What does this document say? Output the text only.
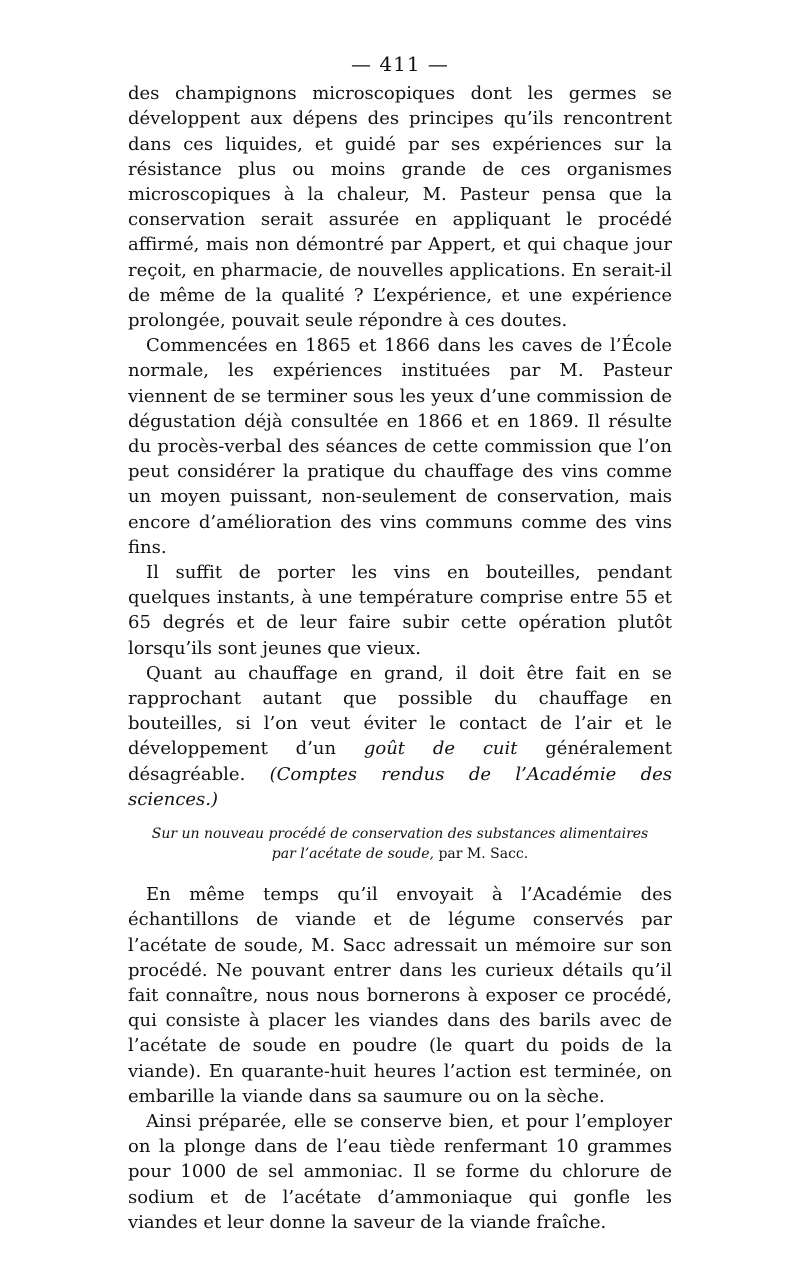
— 411 —

des champignons microscopiques dont les germes se développent aux dépens des principes qu’ils rencontrent dans ces liquides, et guidé par ses expériences sur la résistance plus ou moins grande de ces organismes microscopiques à la chaleur, M. Pasteur pensa que la conservation serait assurée en appliquant le procédé affirmé, mais non démontré par Appert, et qui chaque jour reçoit, en pharmacie, de nouvelles applications. En serait-il de même de la qualité ? L’expérience, et une expérience prolongée, pouvait seule répondre à ces doutes.

Commencées en 1865 et 1866 dans les caves de l’École normale, les expériences instituées par M. Pasteur viennent de se terminer sous les yeux d’une commission de dégustation déjà consultée en 1866 et en 1869. Il résulte du procès-verbal des séances de cette commission que l’on peut considérer la pratique du chauffage des vins comme un moyen puissant, non-seulement de conservation, mais encore d’amélioration des vins communs comme des vins fins.

Il suffit de porter les vins en bouteilles, pendant quelques instants, à une température comprise entre 55 et 65 degrés et de leur faire subir cette opération plutôt lorsqu’ils sont jeunes que vieux.

Quant au chauffage en grand, il doit être fait en se rapprochant autant que possible du chauffage en bouteilles, si l’on veut éviter le contact de l’air et le développement d’un goût de cuit généralement désagréable. (Comptes rendus de l’Académie des sciences.)

Sur un nouveau procédé de conservation des substances alimentaires
par l’acétate de soude, par M. Sacc.

En même temps qu’il envoyait à l’Académie des échantillons de viande et de légume conservés par l’acétate de soude, M. Sacc adressait un mémoire sur son procédé. Ne pouvant entrer dans les curieux détails qu’il fait connaître, nous nous bornerons à exposer ce procédé, qui consiste à placer les viandes dans des barils avec de l’acétate de soude en poudre (le quart du poids de la viande). En quarante-huit heures l’action est terminée, on embarille la viande dans sa saumure ou on la sèche.

Ainsi préparée, elle se conserve bien, et pour l’employer on la plonge dans de l’eau tiède renfermant 10 grammes pour 1000 de sel ammoniac. Il se forme du chlorure de sodium et de l’acétate d’ammoniaque qui gonfle les viandes et leur donne la saveur de la viande fraîche.
